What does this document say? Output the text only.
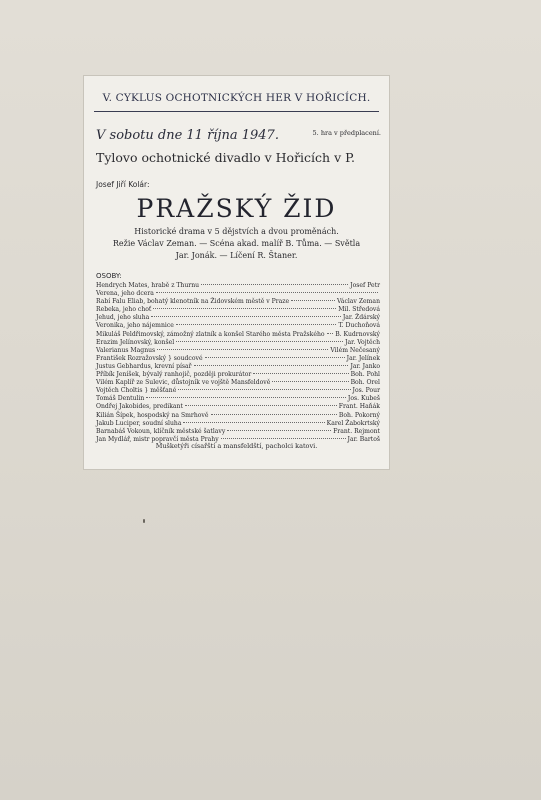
V. CYKLUS OCHOTNICKÝCH HER V HOŘICÍCH.
V sobotu dne 11 října 1947.	5. hra v předplacení.
Tylovo ochotnické divadlo v Hořicích v P.
Josef Jiří Kolár:
PRAŽSKÝ ŽID
Historické drama v 5 dějstvích a dvou proměnách.
Režie Václav Zeman. — Scéna akad. malíř B. Tůma. — Světla
Jar. Jonák. — Líčení R. Štaner.
OSOBY:
Hendrych Mates, hrabě z Thurnu	Josef Petr
Verena, jeho dcera
Rabí Falu Eliab, bohatý klenotník na Židovském městě v Praze	Václav Zeman
Rebeka, jeho choť	Mil. Středová
Jehud, jeho sluha	Jar. Ždárský
Veronika, jeho nájemnice	T. Duchoňová
Mikuláš Peldřimovský, zámožný zlatník a konšel Starého města Pražského B. Kudrnovský
Erazim Jelínovský, konšel	Jar. Vojtěch
Valerianus Magnus	Vilém Nečesaný
František Rozražovský } soudcové	Jar. Jelínek
Justus Gebhardus, krevní písař	Jar. Janko
Příbík Jeníšek, bývalý ranhojič, později prokurátor	Boh. Pohl
Vilém Kaplíř ze Sulevic, důstojník ve vojště Mansfeldově	Boh. Orel
Vojtěch Choltis } měšťané	Jos. Pour
Tomáš Dentulin	Jos. Kubeš
Ondřej Jakobides, predikant	Frant. Haňák
Kilián Šípek, hospodský na Smrhově	Boh. Pokorný
Jakub Luciper, soudní sluha	Karel Žabokrtský
Barnabáš Vokoun, klíčník městské šatlavy	Frant. Rejmont
Jan Mydlář, mistr popravčí města Prahy	Jar. Bartoš
Mušketýři císařští a mansfeldští, pacholci katovi.
